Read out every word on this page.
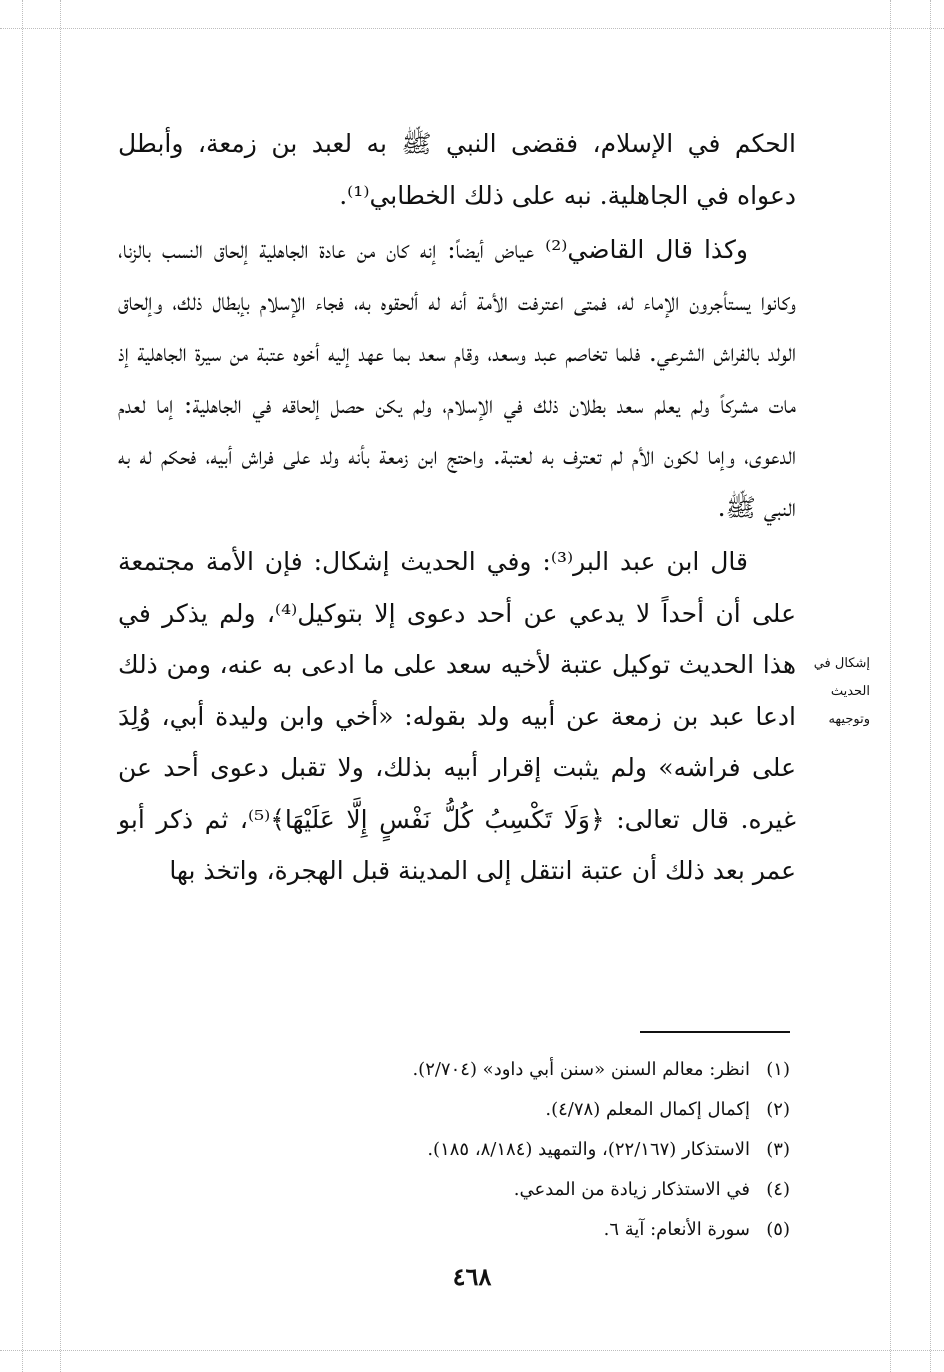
الحكم في الإسلام، فقضى النبي ﷺ به لعبد بن زمعة، وأبطل دعواه في الجاهلية. نبه على ذلك الخطابي⁽¹⁾.

وكذا قال القاضي⁽²⁾ عياض أيضاً: إنه كان من عادة الجاهلية إلحاق النسب بالزنا، وكانوا يستأجرون الإماء له، فمتى اعترفت الأمة أنه له ألحقوه به، فجاء الإسلام بإبطال ذلك، وإلحاق الولد بالفراش الشرعي. فلما تخاصم عبد وسعد، وقام سعد بما عهد إليه أخوه عتبة من سيرة الجاهلية إذ مات مشركاً ولم يعلم سعد بطلان ذلك في الإسلام، ولم يكن حصل إلحاقه في الجاهلية: إما لعدم الدعوى، وإما لكون الأم لم تعترف به لعتبة. واحتج ابن زمعة بأنه ولد على فراش أبيه، فحكم له به النبي ﷺ.

قال ابن عبد البر⁽³⁾: وفي الحديث إشكال: فإن الأمة مجتمعة على أن أحداً لا يدعي عن أحد دعوى إلا بتوكيل⁽⁴⁾، ولم يذكر في هذا الحديث توكيل عتبة لأخيه سعد على ما ادعى به عنه، ومن ذلك ادعا عبد بن زمعة عن أبيه ولد بقوله: «أخي وابن وليدة أبي، وُلِدَ على فراشه» ولم يثبت إقرار أبيه بذلك، ولا تقبل دعوى أحد عن غيره. قال تعالى: ﴿وَلَا تَكْسِبُ كُلُّ نَفْسٍ إِلَّا عَلَيْهَا﴾⁽⁵⁾، ثم ذكر أبو عمر بعد ذلك أن عتبة انتقل إلى المدينة قبل الهجرة، واتخذ بها

إشكال في
الحديث
وتوجيهه
(١)انظر: معالم السنن «سنن أبي داود» (٢/٧٠٤).
(٢)إكمال إكمال المعلم (٤/٧٨).
(٣)الاستذكار (٢٢/١٦٧)، والتمهيد (٨/١٨٤، ١٨٥).
(٤)في الاستذكار زيادة من المدعي.
(٥)سورة الأنعام: آية ٦.
٤٦٨
